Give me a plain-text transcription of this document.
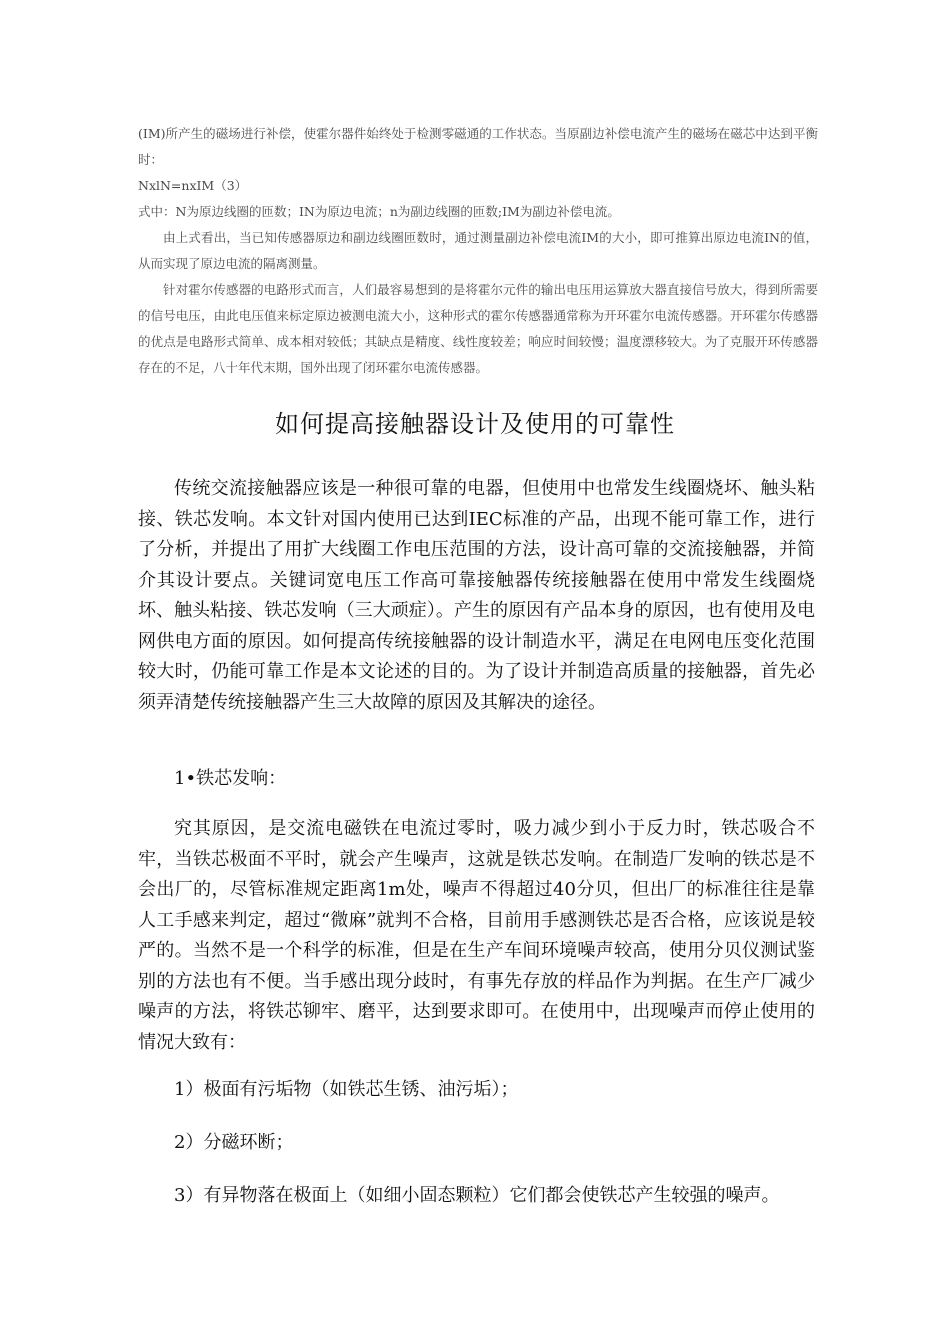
(IM)所产生的磁场进行补偿，使霍尔器件始终处于检测零磁通的工作状态。当原副边补偿电流产生的磁场在磁芯中达到平衡时：

NxlN=nxIM（3）

式中：N为原边线圈的匝数；IN为原边电流；n为副边线圈的匝数;IM为副边补偿电流。

由上式看出，当已知传感器原边和副边线圈匝数时，通过测量副边补偿电流IM的大小，即可推算出原边电流IN的值，从而实现了原边电流的隔离测量。

针对霍尔传感器的电路形式而言，人们最容易想到的是将霍尔元件的输出电压用运算放大器直接信号放大，得到所需要的信号电压，由此电压值来标定原边被测电流大小，这种形式的霍尔传感器通常称为开环霍尔电流传感器。开环霍尔传感器的优点是电路形式简单、成本相对较低；其缺点是精度、线性度较差；响应时间较慢；温度漂移较大。为了克服开环传感器存在的不足，八十年代末期，国外出现了闭环霍尔电流传感器。

如何提高接触器设计及使用的可靠性

传统交流接触器应该是一种很可靠的电器，但使用中也常发生线圈烧坏、触头粘接、铁芯发响。本文针对国内使用已达到IEC标准的产品，出现不能可靠工作，进行了分析，并提出了用扩大线圈工作电压范围的方法，设计高可靠的交流接触器，并简介其设计要点。关键词宽电压工作高可靠接触器传统接触器在使用中常发生线圈烧坏、触头粘接、铁芯发响（三大顽症）。产生的原因有产品本身的原因，也有使用及电网供电方面的原因。如何提高传统接触器的设计制造水平，满足在电网电压变化范围较大时，仍能可靠工作是本文论述的目的。为了设计并制造高质量的接触器，首先必须弄清楚传统接触器产生三大故障的原因及其解决的途径。

1•铁芯发响：

究其原因，是交流电磁铁在电流过零时，吸力减少到小于反力时，铁芯吸合不牢，当铁芯极面不平时，就会产生噪声，这就是铁芯发响。在制造厂发响的铁芯是不会出厂的，尽管标准规定距离1m处，噪声不得超过40分贝，但出厂的标准往往是靠人工手感来判定，超过“微麻”就判不合格，目前用手感测铁芯是否合格，应该说是较严的。当然不是一个科学的标准，但是在生产车间环境噪声较高，使用分贝仪测试鉴别的方法也有不便。当手感出现分歧时，有事先存放的样品作为判据。在生产厂减少噪声的方法，将铁芯铆牢、磨平，达到要求即可。在使用中，出现噪声而停止使用的情况大致有：

1）极面有污垢物（如铁芯生锈、油污垢）；

2）分磁环断；

3）有异物落在极面上（如细小固态颗粒）它们都会使铁芯产生较强的噪声。
